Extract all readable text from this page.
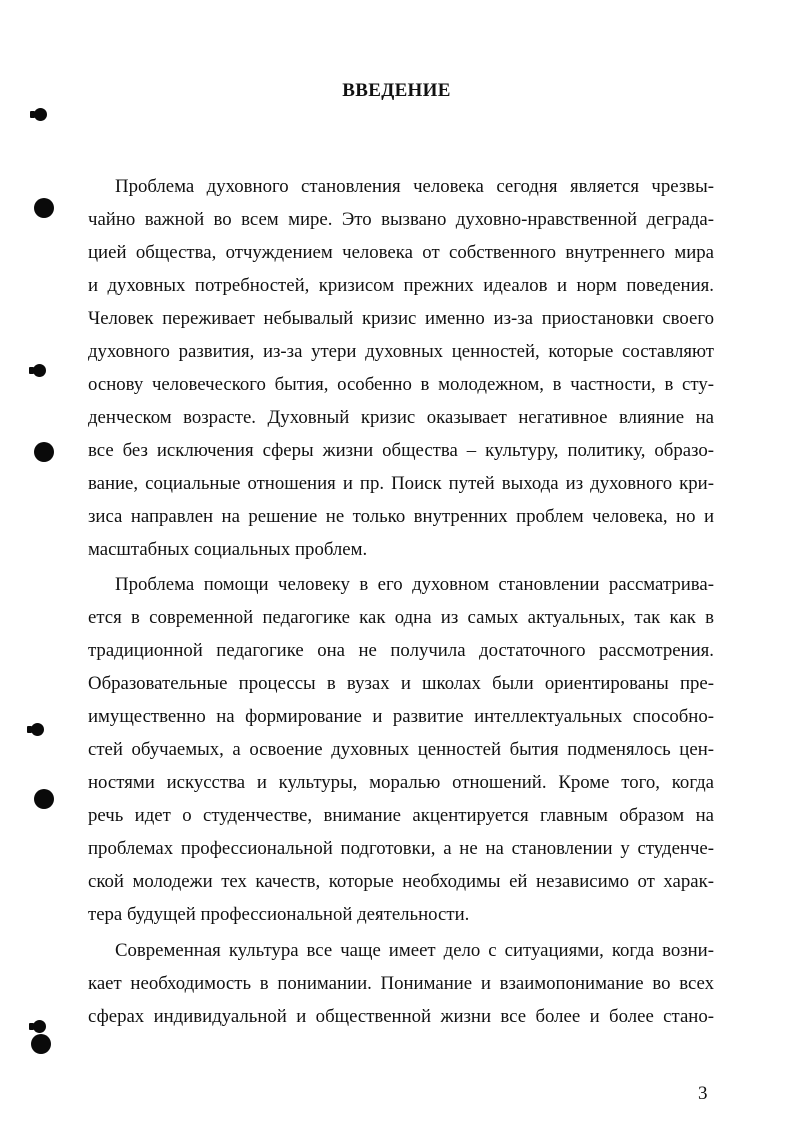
ВВЕДЕНИЕ

Проблема духовного становления человека сегодня является чрезвы-

чайно важной во всем мире. Это вызвано духовно-нравственной деграда-

цией общества, отчуждением человека от собственного внутреннего мира

и духовных потребностей, кризисом прежних идеалов и норм поведения.

Человек переживает небывалый кризис именно из-за приостановки своего

духовного развития, из-за утери духовных ценностей, которые составляют

основу человеческого бытия, особенно в молодежном, в частности, в сту-

денческом возрасте. Духовный кризис оказывает негативное влияние на

все без исключения сферы жизни общества – культуру, политику, образо-

вание, социальные отношения и пр. Поиск путей выхода из духовного кри-

зиса направлен на решение не только внутренних проблем человека, но и

масштабных социальных проблем.

Проблема помощи человеку в его духовном становлении рассматрива-

ется в современной педагогике как одна из самых актуальных, так как в

традиционной педагогике она не получила достаточного рассмотрения.

Образовательные процессы в вузах и школах были ориентированы пре-

имущественно на формирование и развитие интеллектуальных способно-

стей обучаемых, а освоение духовных ценностей бытия подменялось цен-

ностями искусства и культуры, моралью отношений. Кроме того, когда

речь идет о студенчестве, внимание акцентируется главным образом на

проблемах профессиональной подготовки, а не на становлении у студенче-

ской молодежи тех качеств, которые необходимы ей независимо от харак-

тера будущей профессиональной деятельности.

Современная культура все чаще имеет дело с ситуациями, когда возни-

кает необходимость в понимании. Понимание и взаимопонимание во всех

сферах индивидуальной и общественной жизни все более и более стано-

3
